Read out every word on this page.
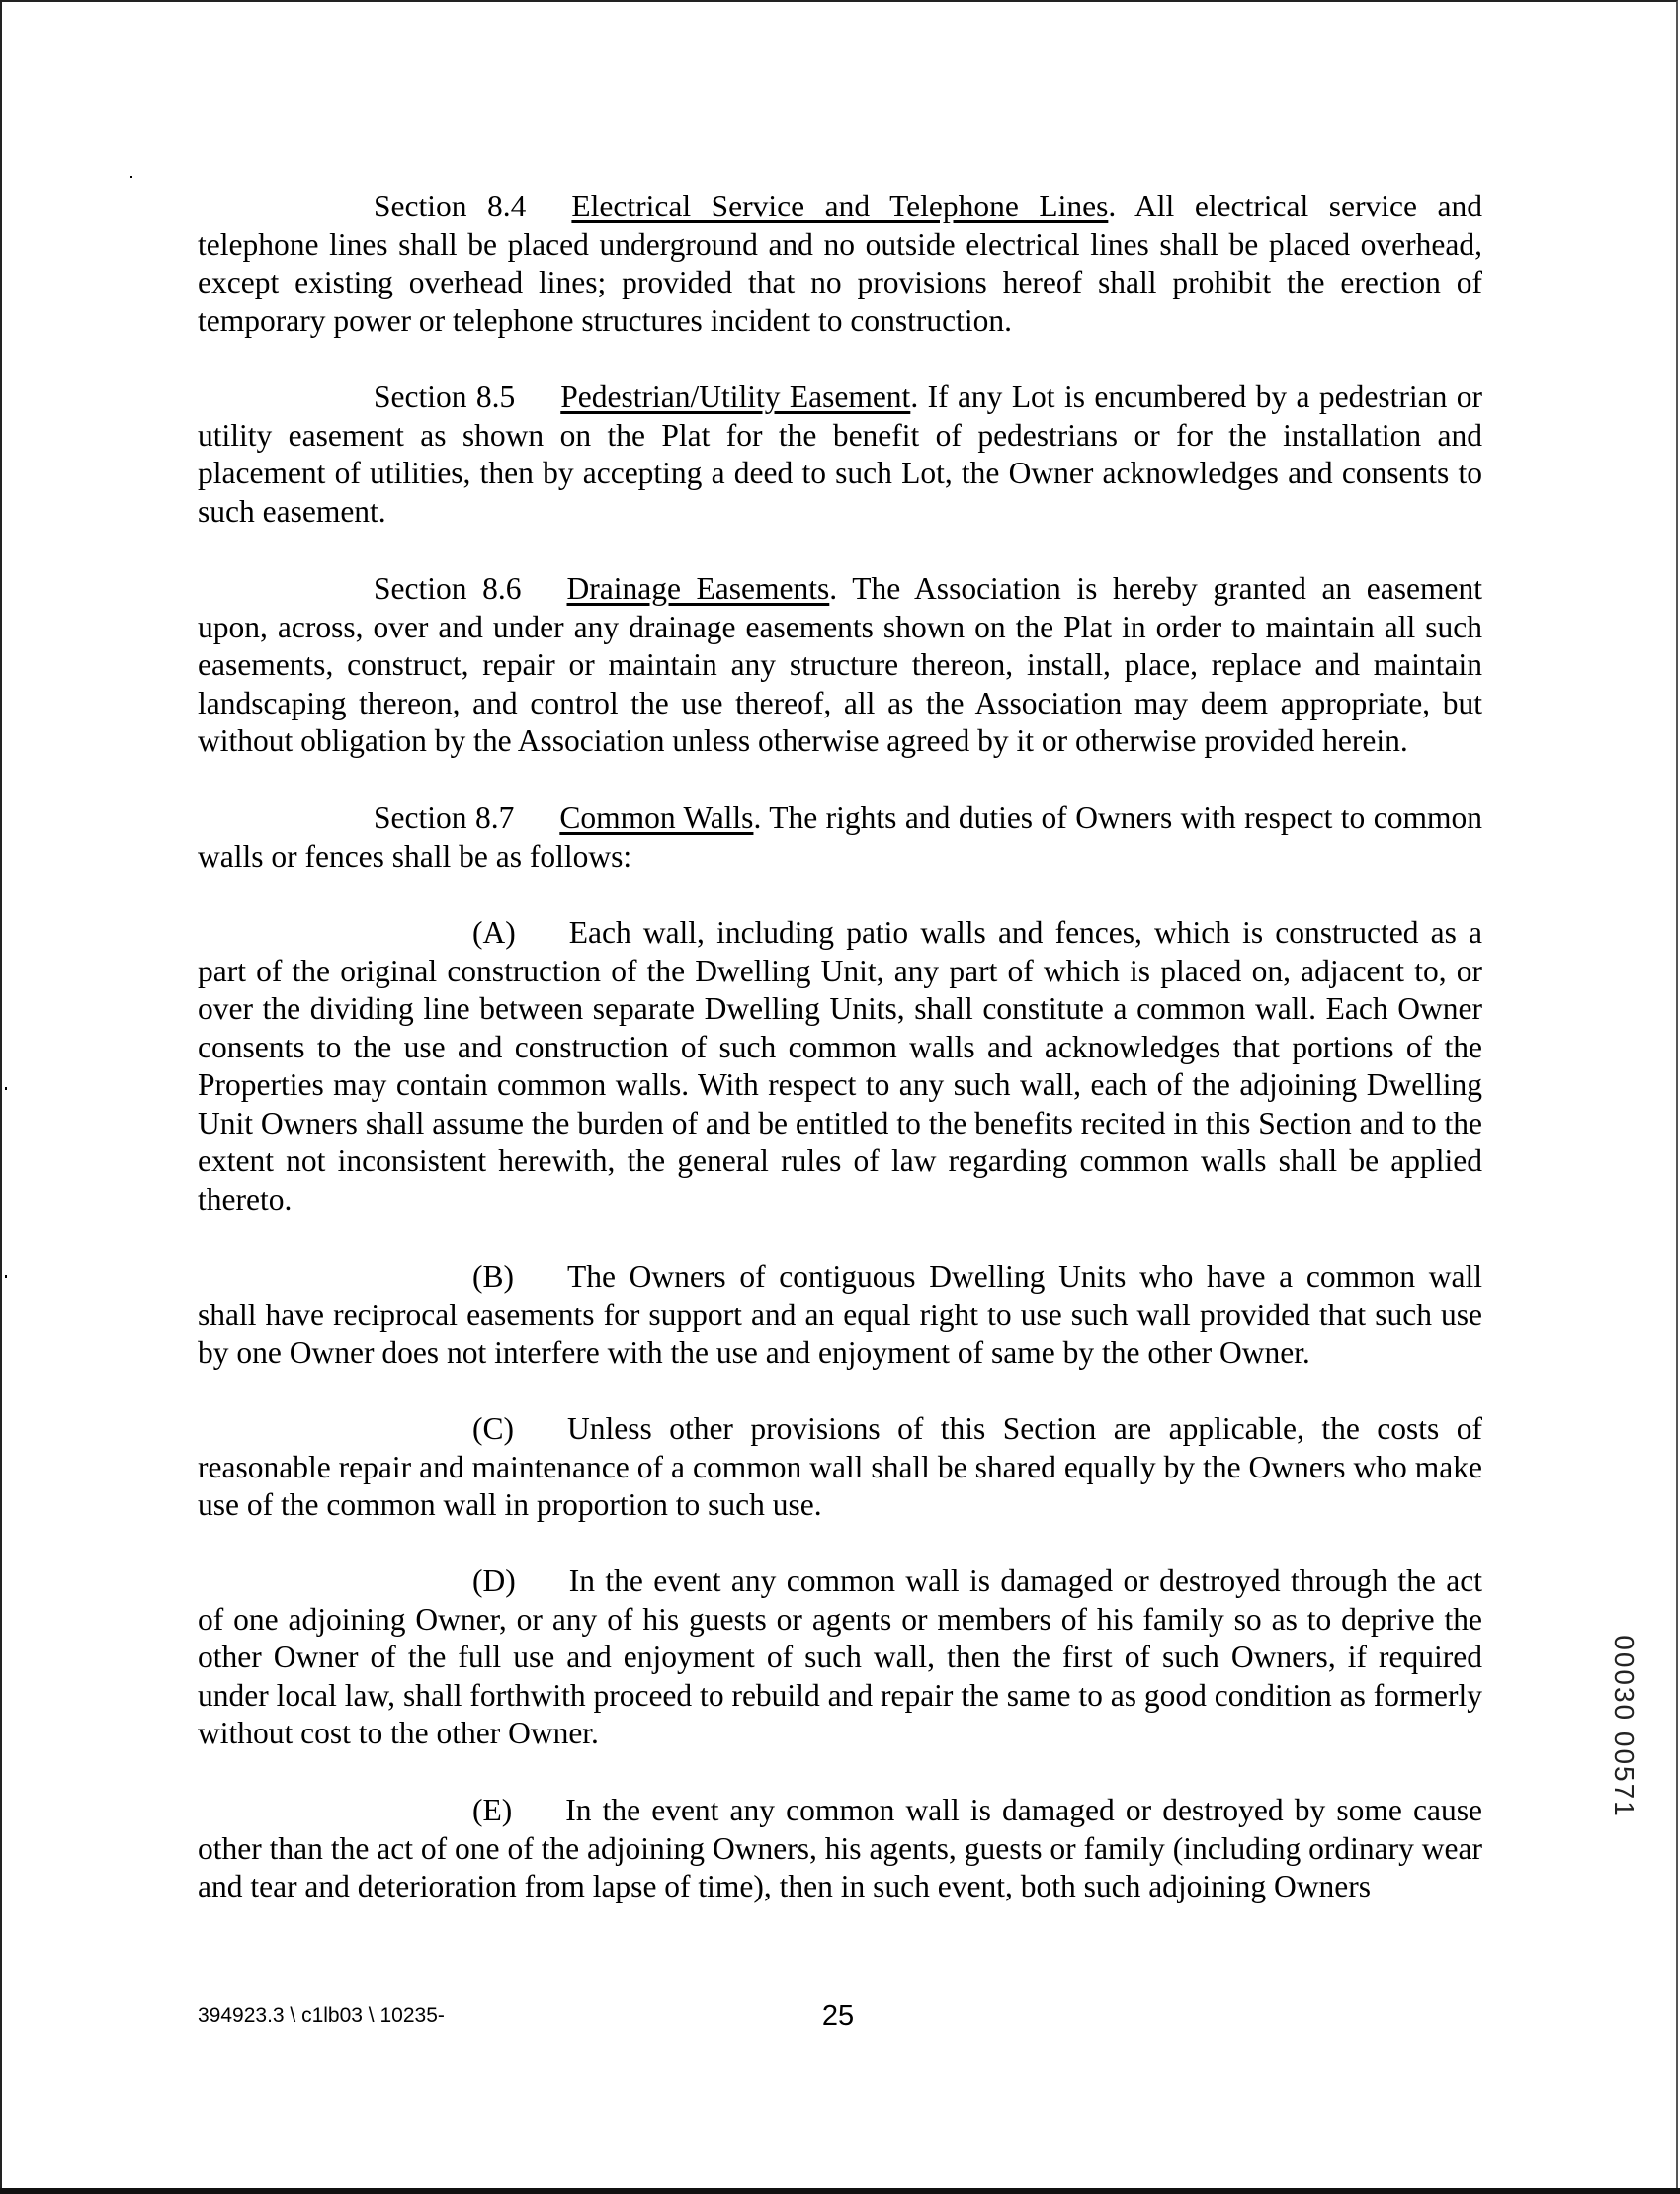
Section 8.4 Electrical Service and Telephone Lines. All electrical service and telephone lines shall be placed underground and no outside electrical lines shall be placed overhead, except existing overhead lines; provided that no provisions hereof shall prohibit the erection of temporary power or telephone structures incident to construction.

Section 8.5 Pedestrian/Utility Easement. If any Lot is encumbered by a pedestrian or utility easement as shown on the Plat for the benefit of pedestrians or for the installation and placement of utilities, then by accepting a deed to such Lot, the Owner acknowledges and consents to such easement.

Section 8.6 Drainage Easements. The Association is hereby granted an easement upon, across, over and under any drainage easements shown on the Plat in order to maintain all such easements, construct, repair or maintain any structure thereon, install, place, replace and maintain landscaping thereon, and control the use thereof, all as the Association may deem appropriate, but without obligation by the Association unless otherwise agreed by it or otherwise provided herein.

Section 8.7 Common Walls. The rights and duties of Owners with respect to common walls or fences shall be as follows:

(A) Each wall, including patio walls and fences, which is constructed as a part of the original construction of the Dwelling Unit, any part of which is placed on, adjacent to, or over the dividing line between separate Dwelling Units, shall constitute a common wall. Each Owner consents to the use and construction of such common walls and acknowledges that portions of the Properties may contain common walls. With respect to any such wall, each of the adjoining Dwelling Unit Owners shall assume the burden of and be entitled to the benefits recited in this Section and to the extent not inconsistent herewith, the general rules of law regarding common walls shall be applied thereto.

(B) The Owners of contiguous Dwelling Units who have a common wall shall have reciprocal easements for support and an equal right to use such wall provided that such use by one Owner does not interfere with the use and enjoyment of same by the other Owner.

(C) Unless other provisions of this Section are applicable, the costs of reasonable repair and maintenance of a common wall shall be shared equally by the Owners who make use of the common wall in proportion to such use.

(D) In the event any common wall is damaged or destroyed through the act of one adjoining Owner, or any of his guests or agents or members of his family so as to deprive the other Owner of the full use and enjoyment of such wall, then the first of such Owners, if required under local law, shall forthwith proceed to rebuild and repair the same to as good condition as formerly without cost to the other Owner.

(E) In the event any common wall is damaged or destroyed by some cause other than the act of one of the adjoining Owners, his agents, guests or family (including ordinary wear and tear and deterioration from lapse of time), then in such event, both such adjoining Owners

394923.3 \ c1lb03 \ 10235-	25
00030 00571
